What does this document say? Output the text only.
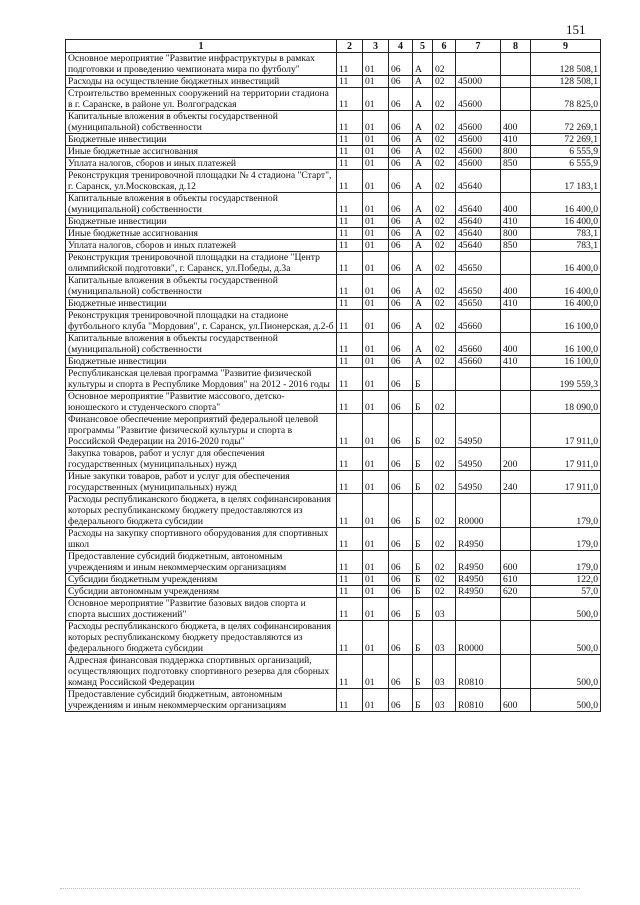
151
1	2	3	4	5	6	7	8	9
Основное мероприятие "Развитие инфраструктуры в рамках подготовки и проведению чемпионата мира по футболу"	11	01	06	А	02			128 508,1
Расходы на осуществление бюджетных инвестиций	11	01	06	А	02	45000		128 508,1
Строительство временных сооружений на территории стадиона в г. Саранске, в районе ул. Волгоградская	11	01	06	А	02	45600		78 825,0
Капитальные вложения в объекты государственной (муниципальной) собственности	11	01	06	А	02	45600	400	72 269,1
Бюджетные инвестиции	11	01	06	А	02	45600	410	72 269,1
Иные бюджетные ассигнования	11	01	06	А	02	45600	800	6 555,9
Уплата налогов, сборов и иных платежей	11	01	06	А	02	45600	850	6 555,9
Реконструкция тренировочной площадки № 4 стадиона "Старт", г. Саранск, ул.Московская, д.12	11	01	06	А	02	45640		17 183,1
Капитальные вложения в объекты государственной (муниципальной) собственности	11	01	06	А	02	45640	400	16 400,0
Бюджетные инвестиции	11	01	06	А	02	45640	410	16 400,0
Иные бюджетные ассигнования	11	01	06	А	02	45640	800	783,1
Уплата налогов, сборов и иных платежей	11	01	06	А	02	45640	850	783,1
Реконструкция тренировочной площадки на стадионе "Центр олимпийской подготовки", г. Саранск, ул.Победы, д.3а	11	01	06	А	02	45650		16 400,0
Капитальные вложения в объекты государственной (муниципальной) собственности	11	01	06	А	02	45650	400	16 400,0
Бюджетные инвестиции	11	01	06	А	02	45650	410	16 400,0
Реконструкция тренировочной площадки на стадионе футбольного клуба "Мордовия", г. Саранск, ул.Пионерская, д.2-б	11	01	06	А	02	45660		16 100,0
Капитальные вложения в объекты государственной (муниципальной) собственности	11	01	06	А	02	45660	400	16 100,0
Бюджетные инвестиции	11	01	06	А	02	45660	410	16 100,0
Республиканская целевая программа "Развитие физической культуры и спорта в Республике Мордовия" на 2012 - 2016 годы	11	01	06	Б				199 559,3
Основное мероприятие "Развитие массового, детско-юношеского и студенческого спорта"	11	01	06	Б	02			18 090,0
Финансовое обеспечение мероприятий федеральной целевой программы "Развитие физической культуры и спорта в Российской Федерации на 2016-2020 годы"	11	01	06	Б	02	54950		17 911,0
Закупка товаров, работ и услуг для обеспечения государственных (муниципальных) нужд	11	01	06	Б	02	54950	200	17 911,0
Иные закупки товаров, работ и услуг для обеспечения государственных (муниципальных) нужд	11	01	06	Б	02	54950	240	17 911,0
Расходы республиканского бюджета, в целях софинансирования которых республиканскому бюджету предоставляются из федерального бюджета субсидии	11	01	06	Б	02	R0000		179,0
Расходы на закупку спортивного оборудования для спортивных школ	11	01	06	Б	02	R4950		179,0
Предоставление субсидий бюджетным, автономным учреждениям и иным некоммерческим организациям	11	01	06	Б	02	R4950	600	179,0
Субсидии бюджетным учреждениям	11	01	06	Б	02	R4950	610	122,0
Субсидии автономным учреждениям	11	01	06	Б	02	R4950	620	57,0
Основное мероприятие "Развитие базовых видов спорта и спорта высших достижений"	11	01	06	Б	03			500,0
Расходы республиканского бюджета, в целях софинансирования которых республиканскому бюджету предоставляются из федерального бюджета субсидии	11	01	06	Б	03	R0000		500,0
Адресная финансовая поддержка спортивных организаций, осуществляющих подготовку спортивного резерва для сборных команд Российской Федерации	11	01	06	Б	03	R0810		500,0
Предоставление субсидий бюджетным, автономным учреждениям и иным некоммерческим организациям	11	01	06	Б	03	R0810	600	500,0
